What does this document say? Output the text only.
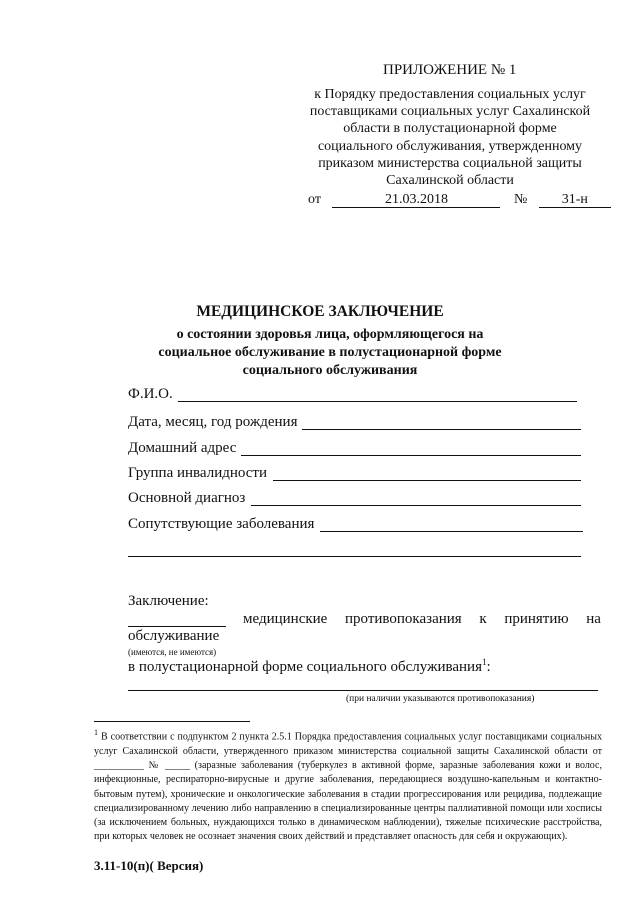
ПРИЛОЖЕНИЕ № 1
к Порядку предоставления социальных услуг
поставщиками социальных услуг Сахалинской
области в полустационарной форме
социального обслуживания, утвержденному
приказом министерства социальной защиты
Сахалинской области
от	21.03.2018	№ 31-н
МЕДИЦИНСКОЕ ЗАКЛЮЧЕНИЕ
о состоянии здоровья лица, оформляющегося на
социальное обслуживание в полустационарной форме
социального обслуживания
Ф.И.О.
Дата, месяц, год рождения
Домашний адрес
Группа инвалидности
Основной диагноз
Сопутствующие заболевания
Заключение:
медицинские противопоказания к принятию на
обслуживание
(имеются, не имеются)
в полустационарной форме социального обслуживания$^1$:
(при наличии указываются противопоказания)
$^1$ В соответствии с подпунктом 2 пункта 2.5.1 Порядка предоставления социальных услуг поставщиками социальных услуг Сахалинской области, утвержденного приказом министерства социальной защиты Сахалинской области от __________ № _____ (заразные заболевания (туберкулез в активной форме, заразные заболевания кожи и волос, инфекционные, респираторно-вирусные и другие заболевания, передающиеся воздушно-капельным и контактно-бытовым путем), хронические и онкологические заболевания в стадии прогрессирования или рецидива, подлежащие специализированному лечению либо направлению в специализированные центры паллиативной помощи или хосписы (за исключением больных, нуждающихся только в динамическом наблюдении), тяжелые психические расстройства, при которых человек не осознает значения своих действий и представляет опасность для себя и окружающих).
3.11-10(п)( Версия)
